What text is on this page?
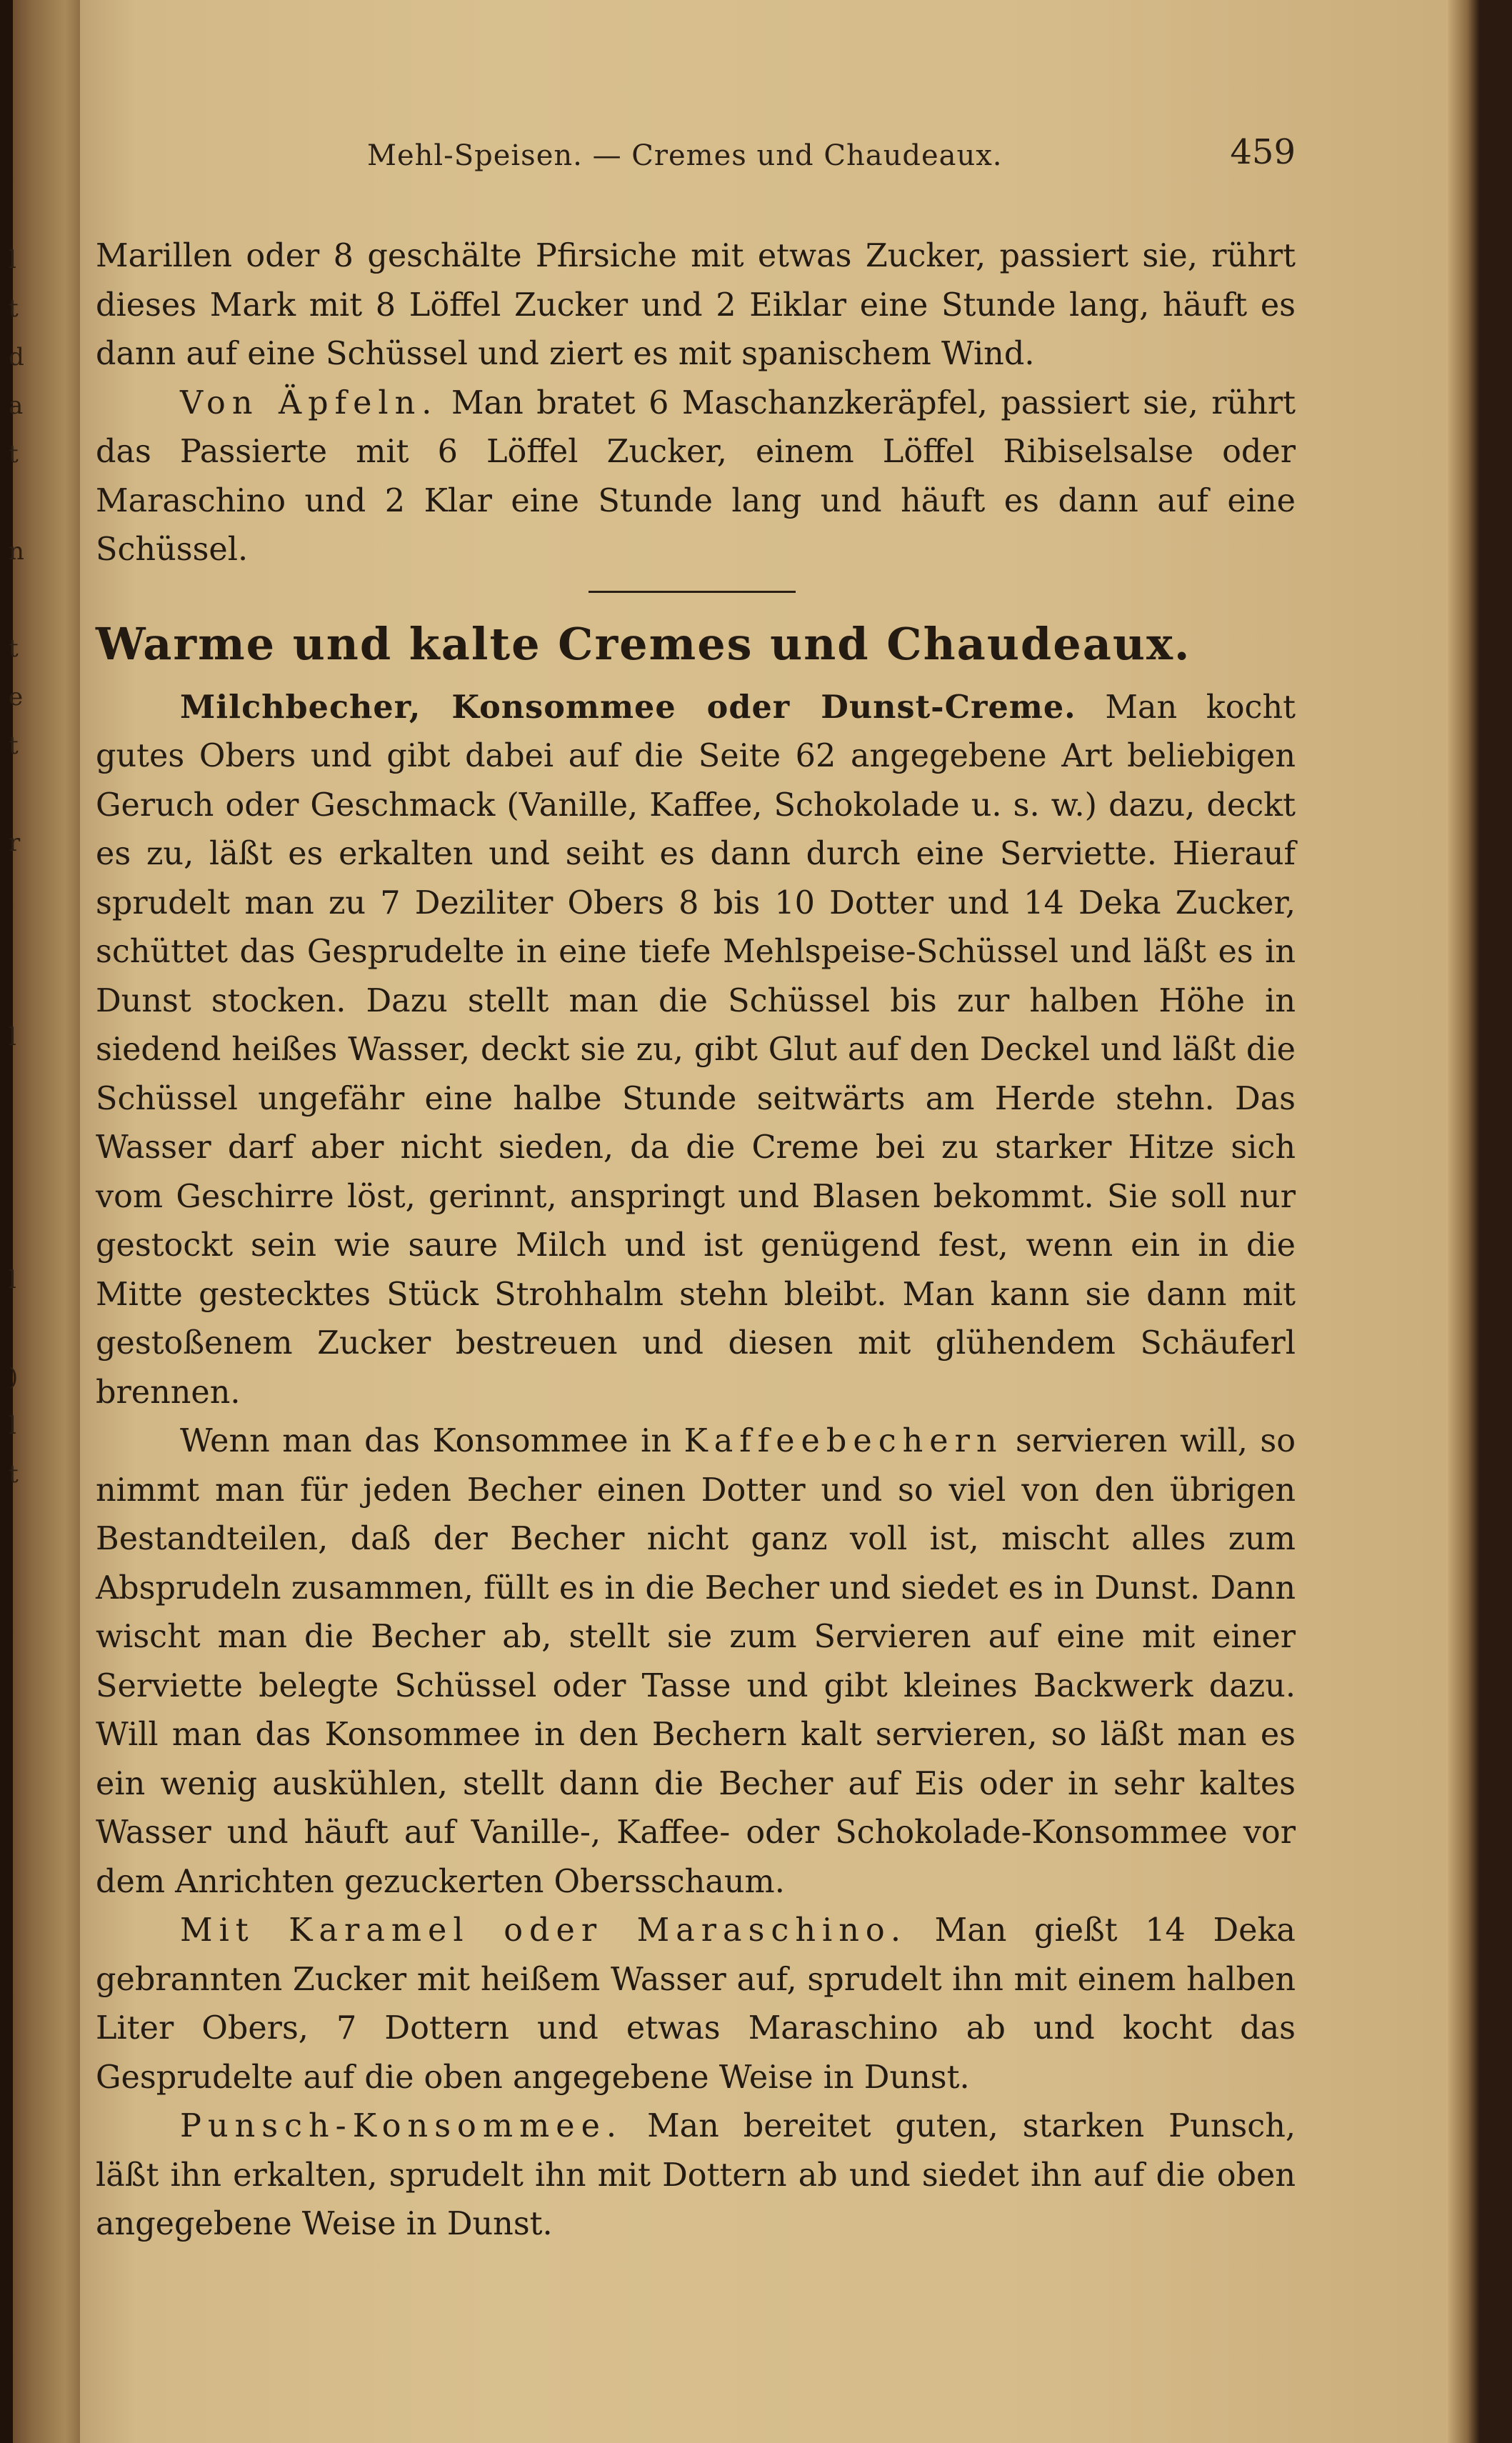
l
t
d
a
t

n

t
e
t

r

l

l

)
l
t
Mehl-Speisen. — Cremes und Chaudeaux.	459

Marillen oder 8 geschälte Pfirsiche mit etwas Zucker, passiert sie, rührt dieses Mark mit 8 Löffel Zucker und 2 Eiklar eine Stunde lang, häuft es dann auf eine Schüssel und ziert es mit spanischem Wind.

Von Äpfeln. Man bratet 6 Maschanzkeräpfel, passiert sie, rührt das Passierte mit 6 Löffel Zucker, einem Löffel Ribiselsalse oder Maraschino und 2 Klar eine Stunde lang und häuft es dann auf eine Schüssel.

Warme und kalte Cremes und Chaudeaux.

Milchbecher, Konsommee oder Dunst-Creme. Man kocht gutes Obers und gibt dabei auf die Seite 62 angegebene Art beliebigen Geruch oder Geschmack (Vanille, Kaffee, Schokolade u. s. w.) dazu, deckt es zu, läßt es erkalten und seiht es dann durch eine Serviette. Hierauf sprudelt man zu 7 Deziliter Obers 8 bis 10 Dotter und 14 Deka Zucker, schüttet das Gesprudelte in eine tiefe Mehlspeise-Schüssel und läßt es in Dunst stocken. Dazu stellt man die Schüssel bis zur halben Höhe in siedend heißes Wasser, deckt sie zu, gibt Glut auf den Deckel und läßt die Schüssel ungefähr eine halbe Stunde seitwärts am Herde stehn. Das Wasser darf aber nicht sieden, da die Creme bei zu starker Hitze sich vom Geschirre löst, gerinnt, anspringt und Blasen bekommt. Sie soll nur gestockt sein wie saure Milch und ist genügend fest, wenn ein in die Mitte gestecktes Stück Strohhalm stehn bleibt. Man kann sie dann mit gestoßenem Zucker bestreuen und diesen mit glühendem Schäuferl brennen.

Wenn man das Konsommee in Kaffeebechern servieren will, so nimmt man für jeden Becher einen Dotter und so viel von den übrigen Bestandteilen, daß der Becher nicht ganz voll ist, mischt alles zum Absprudeln zusammen, füllt es in die Becher und siedet es in Dunst. Dann wischt man die Becher ab, stellt sie zum Servieren auf eine mit einer Serviette belegte Schüssel oder Tasse und gibt kleines Backwerk dazu. Will man das Konsommee in den Bechern kalt servieren, so läßt man es ein wenig auskühlen, stellt dann die Becher auf Eis oder in sehr kaltes Wasser und häuft auf Vanille-, Kaffee- oder Schokolade-Konsommee vor dem Anrichten gezuckerten Obersschaum.

Mit Karamel oder Maraschino. Man gießt 14 Deka gebrannten Zucker mit heißem Wasser auf, sprudelt ihn mit einem halben Liter Obers, 7 Dottern und etwas Maraschino ab und kocht das Gesprudelte auf die oben angegebene Weise in Dunst.

Punsch-Konsommee. Man bereitet guten, starken Punsch, läßt ihn erkalten, sprudelt ihn mit Dottern ab und siedet ihn auf die oben angegebene Weise in Dunst.
